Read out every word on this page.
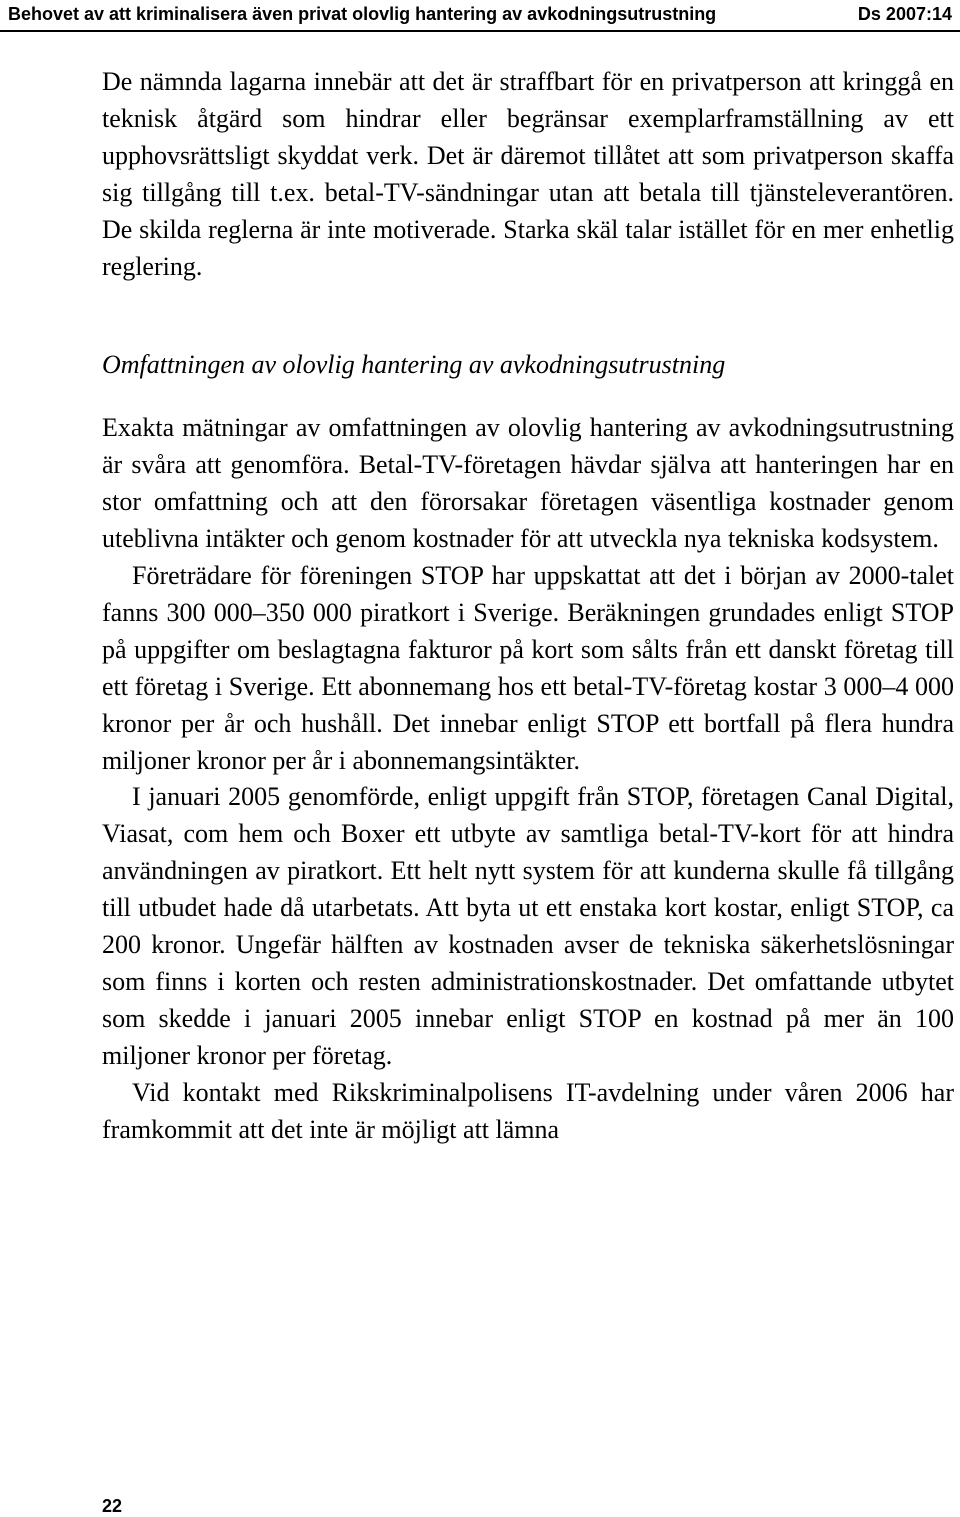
Behovet av att kriminalisera även privat olovlig hantering av avkodningsutrustning	Ds 2007:14

De nämnda lagarna innebär att det är straffbart för en privatperson att kringgå en teknisk åtgärd som hindrar eller begränsar exemplarframställning av ett upphovsrättsligt skyddat verk. Det är däremot tillåtet att som privatperson skaffa sig tillgång till t.ex. betal-TV-sändningar utan att betala till tjänsteleverantören. De skilda reglerna är inte motiverade. Starka skäl talar istället för en mer enhetlig reglering.

Omfattningen av olovlig hantering av avkodningsutrustning

Exakta mätningar av omfattningen av olovlig hantering av avkodningsutrustning är svåra att genomföra. Betal-TV-företagen hävdar själva att hanteringen har en stor omfattning och att den förorsakar företagen väsentliga kostnader genom uteblivna intäkter och genom kostnader för att utveckla nya tekniska kodsystem.

Företrädare för föreningen STOP har uppskattat att det i början av 2000-talet fanns 300 000–350 000 piratkort i Sverige. Beräkningen grundades enligt STOP på uppgifter om beslagtagna fakturor på kort som sålts från ett danskt företag till ett företag i Sverige. Ett abonnemang hos ett betal-TV-företag kostar 3 000–4 000 kronor per år och hushåll. Det innebar enligt STOP ett bortfall på flera hundra miljoner kronor per år i abonnemangsintäkter.

I januari 2005 genomförde, enligt uppgift från STOP, företagen Canal Digital, Viasat, com hem och Boxer ett utbyte av samtliga betal-TV-kort för att hindra användningen av piratkort. Ett helt nytt system för att kunderna skulle få tillgång till utbudet hade då utarbetats. Att byta ut ett enstaka kort kostar, enligt STOP, ca 200 kronor. Ungefär hälften av kostnaden avser de tekniska säkerhetslösningar som finns i korten och resten administrationskostnader. Det omfattande utbytet som skedde i januari 2005 innebar enligt STOP en kostnad på mer än 100 miljoner kronor per företag.

Vid kontakt med Rikskriminalpolisens IT-avdelning under våren 2006 har framkommit att det inte är möjligt att lämna

22
